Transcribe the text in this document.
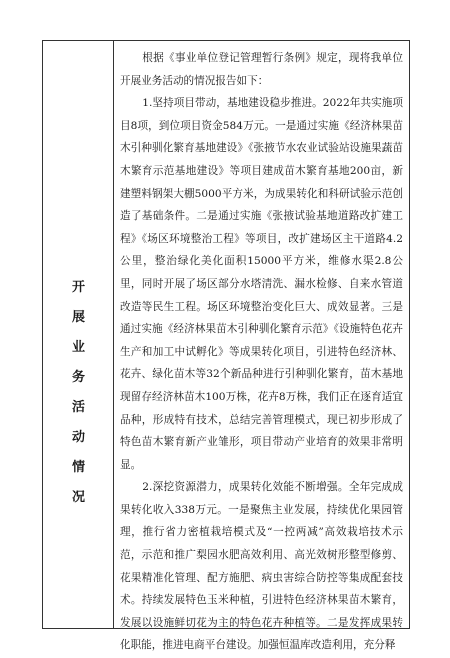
开
展
业
务
活
动
情
况

根据《事业单位登记管理暂行条例》规定，现将我单位开展业务活动的情况报告如下：

1.坚持项目带动，基地建设稳步推进。2022年共实施项目8项，到位项目资金584万元。一是通过实施《经济林果苗木引种驯化繁育基地建设》《张掖节水农业试验站设施果蔬苗木繁育示范基地建设》等项目建成苗木繁育基地200亩，新建塑料钢架大棚5000平方米，为成果转化和科研试验示范创造了基础条件。二是通过实施《张掖试验基地道路改扩建工程》《场区环境整治工程》等项目，改扩建场区主干道路4.2公里，整治绿化美化面积15000平方米，维修水渠2.8公里，同时开展了场区部分水塔清洗、漏水检修、自来水管道改造等民生工程。场区环境整治变化巨大、成效显著。三是通过实施《经济林果苗木引种驯化繁育示范》《设施特色花卉生产和加工中试孵化》等成果转化项目，引进特色经济林、花卉、绿化苗木等32个新品种进行引种驯化繁育，苗木基地现留存经济林苗木100万株，花卉8万株，我们正在逐育适宜品种，形成特有技术，总结完善管理模式，现已初步形成了特色苗木繁育新产业雏形，项目带动产业培育的效果非常明显。

2.深挖资源潜力，成果转化效能不断增强。全年完成成果转化收入338万元。一是聚焦主业发展，持续优化果园管理，推行省力密植栽培模式及“一控两减”高效栽培技术示范，示范和推广梨园水肥高效利用、高光效树形整型修剪、花果精准化管理、配方施肥、病虫害综合防控等集成配套技术。持续发展特色玉米种植，引进特色经济林果苗木繁育，发展以设施鲜切花为主的特色花卉种植等。二是发挥成果转化职能，推进电商平台建设。加强恒温库改造利用，充分释
